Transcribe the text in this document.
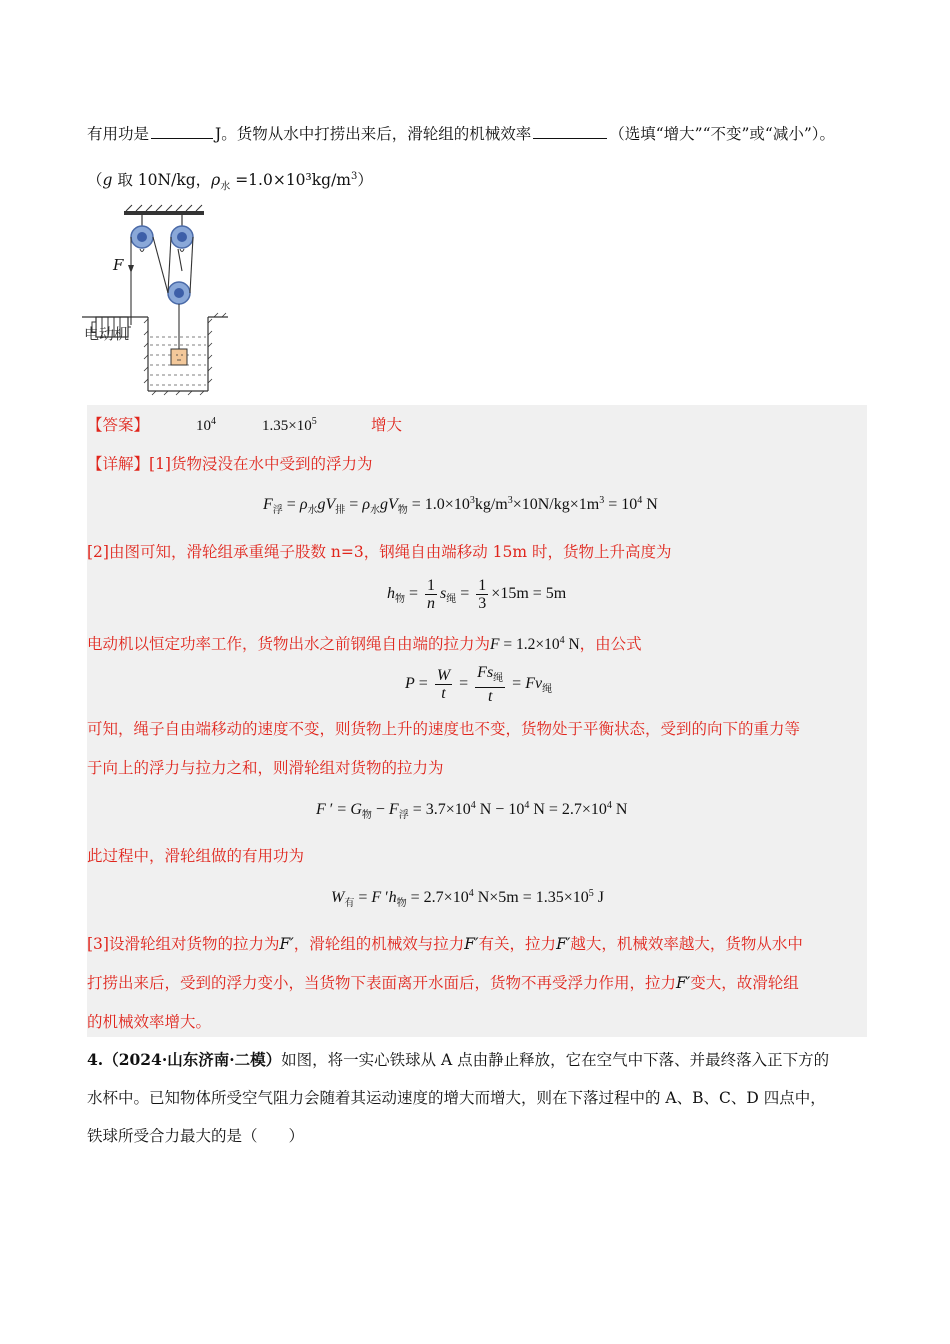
有用功是	J。货物从水中打捞出来后，滑轮组的机械效率	（选填“增大”“不变”或“减小”）。
（g 取 10N/kg，$\rho_水 =1.0\times 10^3kg/m^3$）
F
电动机
【答案】	$10^4$	$1.35\times 10^5$	增大
【详解】[1]货物浸没在水中受到的浮力为
$F_浮 = \rho_水gV_排 = \rho_水gV_物 = 1.0\times 10^3kg/m^3\times 10N/kg\times 1m^3 = 10^4$ N
[2]由图可知，滑轮组承重绳子股数 n=3，钢绳自由端移动 15m 时，货物上升高度为
$h_物 = \frac{1}{n} s_绳 = \frac{1}{3} \times 15m = 5m$
电动机以恒定功率工作，货物出水之前钢绳自由端的拉力为$F = 1.2\times 10^4$ N，由公式
$P = \frac{W}{t} = \frac{Fs_绳}{t} = Fv_绳$
可知，绳子自由端移动的速度不变，则货物上升的速度也不变，货物处于平衡状态，受到的向下的重力等
于向上的浮力与拉力之和，则滑轮组对货物的拉力为
F ′ = $G_物 - F_浮 = 3.7\times 10^4$ $N - 10^4$ $N = 2.7\times 10^4$ N
此过程中，滑轮组做的有用功为
$W_有 = F$ $'h_物 = 2.7\times 10^4$ $N\times 5m = 1.35\times 10^5$ J
[3]设滑轮组对货物的拉力为F′，滑轮组的机械效与拉力F′有关，拉力F′越大，机械效率越大，货物从水中
打捞出来后，受到的浮力变小，当货物下表面离开水面后，货物不再受浮力作用，拉力F′变大，故滑轮组
的机械效率增大。
4.（2024·山东济南·二模）如图，将一实心铁球从 A 点由静止释放，它在空气中下落、并最终落入正下方的
水杯中。已知物体所受空气阻力会随着其运动速度的增大而增大，则在下落过程中的 A、B、C、D 四点中，
铁球所受合力最大的是（　　）
